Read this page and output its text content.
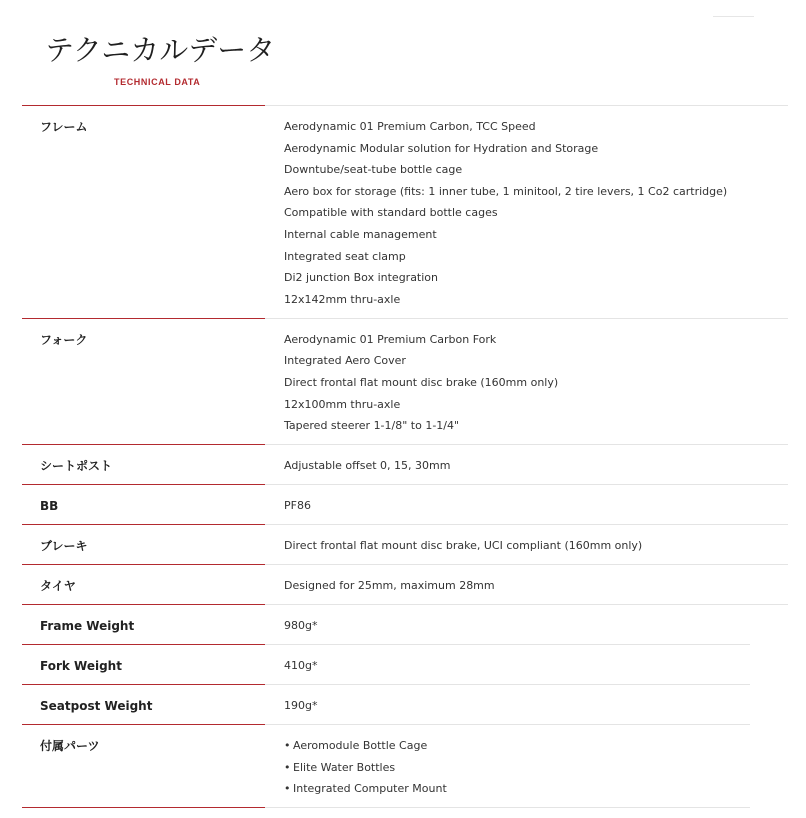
テクニカルデータ
TECHNICAL DATA
フレーム	Aerodynamic 01 Premium Carbon, TCC Speed
Aerodynamic Modular solution for Hydration and Storage
Downtube/seat-tube bottle cage
Aero box for storage (fits: 1 inner tube, 1 minitool, 2 tire levers, 1 Co2 cartridge)
Compatible with standard bottle cages
Internal cable management
Integrated seat clamp
Di2 junction Box integration
12x142mm thru-axle
フォーク	Aerodynamic 01 Premium Carbon Fork
Integrated Aero Cover
Direct frontal flat mount disc brake (160mm only)
12x100mm thru-axle
Tapered steerer 1-1/8" to 1-1/4"
シートポスト	Adjustable offset 0, 15, 30mm
BB	PF86
ブレーキ	Direct frontal flat mount disc brake, UCI compliant (160mm only)
タイヤ	Designed for 25mm, maximum 28mm
Frame Weight	980g*
Fork Weight	410g*
Seatpost Weight	190g*
付属パーツ	• Aeromodule Bottle Cage
• Elite Water Bottles
• Integrated Computer Mount
